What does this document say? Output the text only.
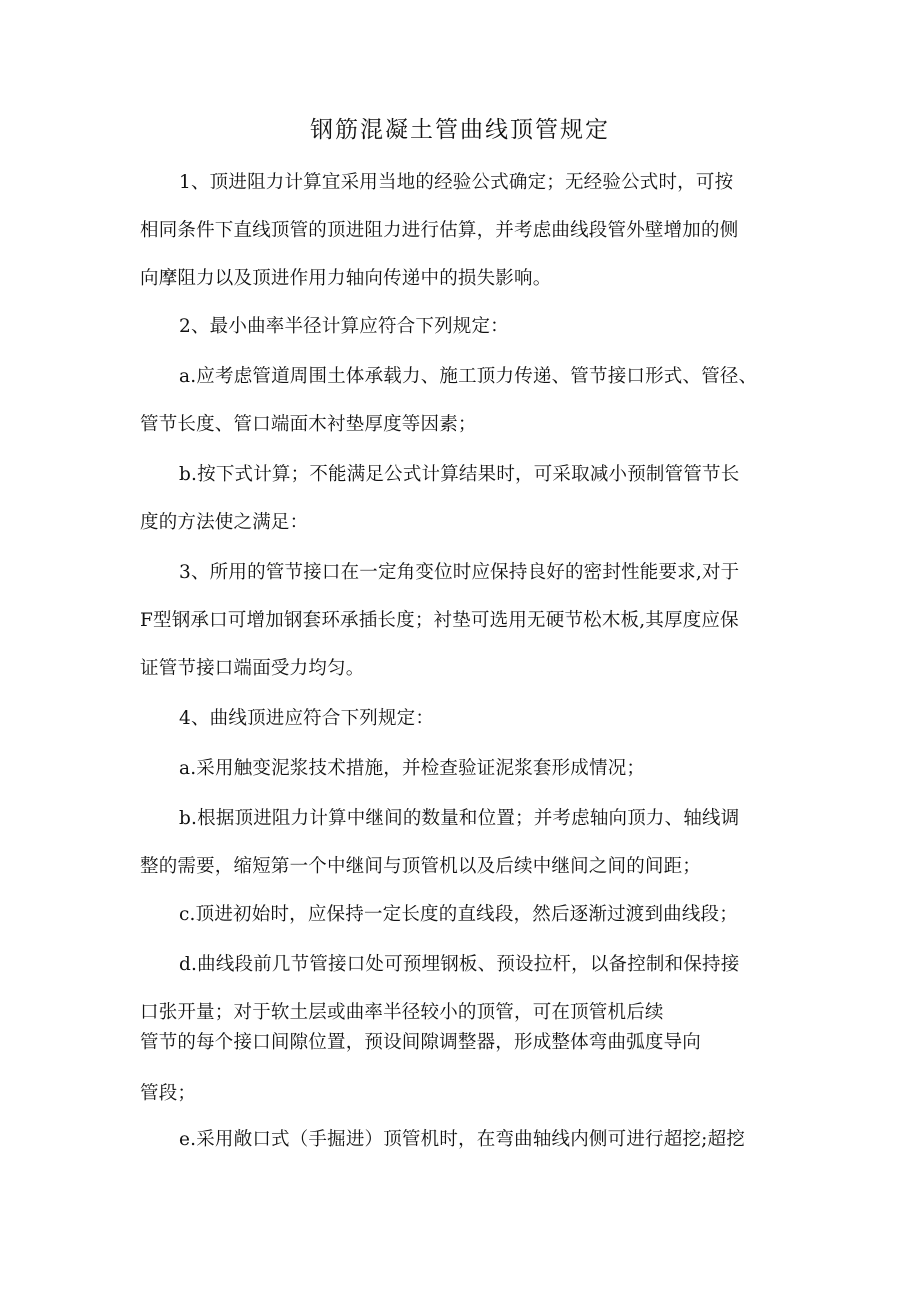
钢筋混凝土管曲线顶管规定
1、顶进阻力计算宜采用当地的经验公式确定；无经验公式时，可按
相同条件下直线顶管的顶进阻力进行估算，并考虑曲线段管外壁增加的侧
向摩阻力以及顶进作用力轴向传递中的损失影响。
2、最小曲率半径计算应符合下列规定：
a.应考虑管道周围土体承载力、施工顶力传递、管节接口形式、管径、
管节长度、管口端面木衬垫厚度等因素；
b.按下式计算；不能满足公式计算结果时，可采取减小预制管管节长
度的方法使之满足：
3、所用的管节接口在一定角变位时应保持良好的密封性能要求,对于
F型钢承口可增加钢套环承插长度；衬垫可选用无硬节松木板,其厚度应保
证管节接口端面受力均匀。
4、曲线顶进应符合下列规定：
a.采用触变泥浆技术措施，并检查验证泥浆套形成情况；
b.根据顶进阻力计算中继间的数量和位置；并考虑轴向顶力、轴线调
整的需要，缩短第一个中继间与顶管机以及后续中继间之间的间距；
c.顶进初始时，应保持一定长度的直线段，然后逐渐过渡到曲线段；
d.曲线段前几节管接口处可预埋钢板、预设拉杆，以备控制和保持接
口张开量；对于软土层或曲率半径较小的顶管，可在顶管机后续
管节的每个接口间隙位置，预设间隙调整器，形成整体弯曲弧度导向
管段；
e.采用敞口式（手掘进）顶管机时，在弯曲轴线内侧可进行超挖;超挖
